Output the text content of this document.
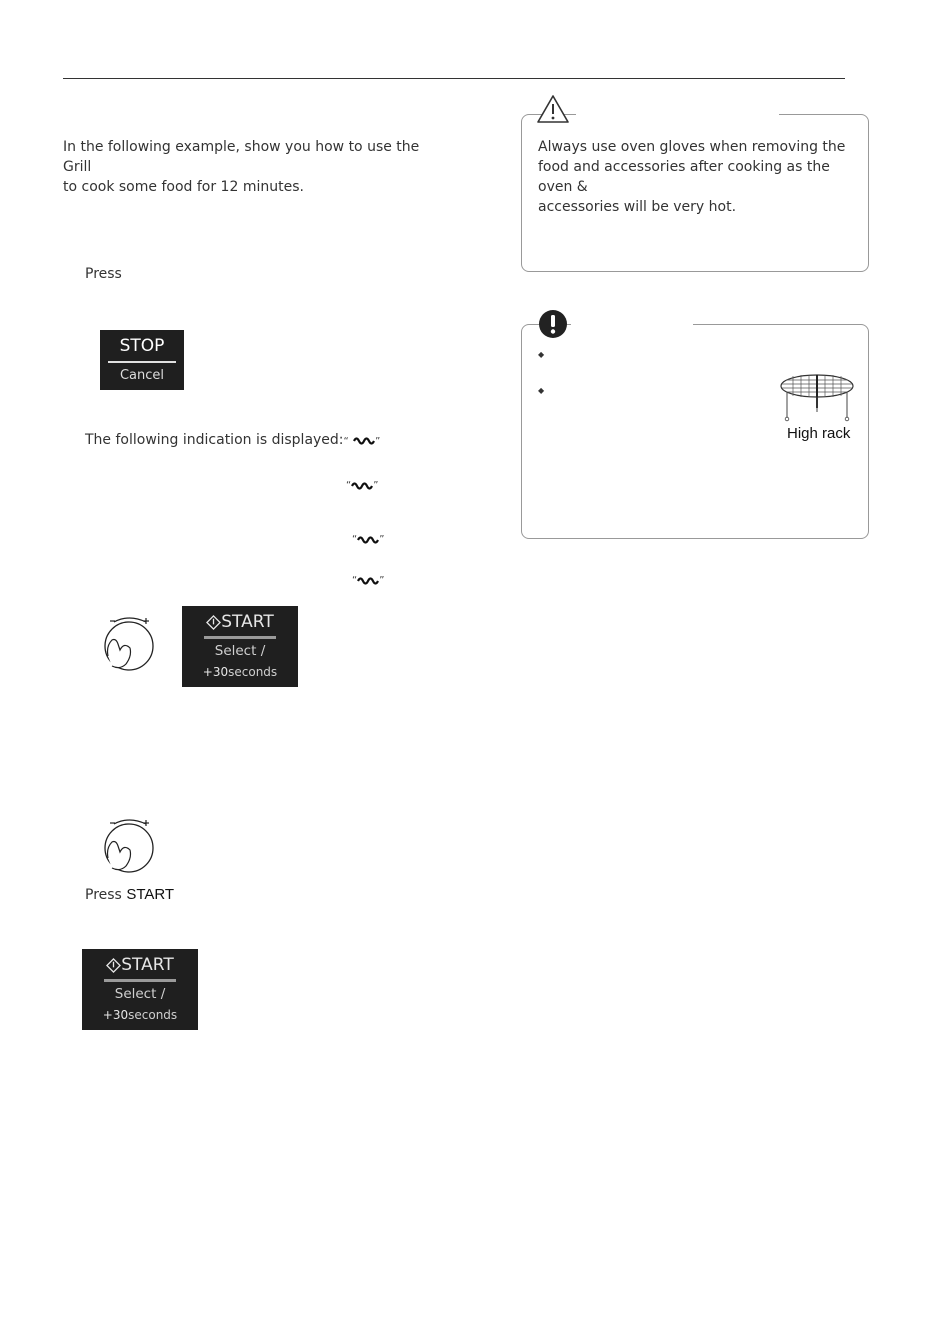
In the following example, show you how to use the Grill
to cook some food for 12 minutes.
Press
STOP
Cancel
The following indication is displayed:“	”
“ ”
“ ”
“ ”
START
Select /
+30seconds
Press START
START
Select /
+30seconds
Always use oven gloves when removing the
food and accessories after cooking as the oven &
accessories will be very hot.
◆
◆
High rack
